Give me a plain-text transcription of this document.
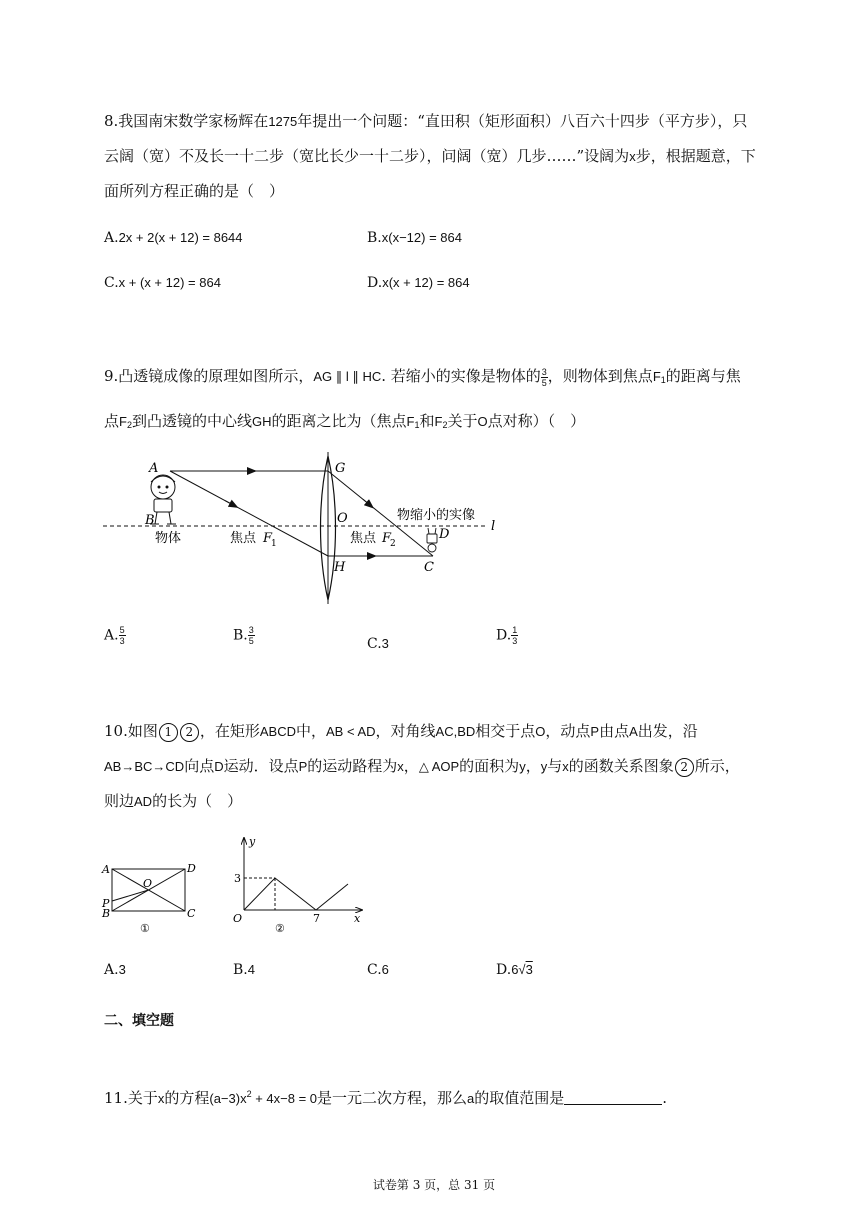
8.我国南宋数学家杨辉在1275年提出一个问题：“直田积（矩形面积）八百六十四步（平方步），只
云阔（宽）不及长一十二步（宽比长少一十二步），问阔（宽）几步……”设阔为x步，根据题意，下
面所列方程正确的是（　）
A.2x + 2(x + 12) = 8644	B.x(x−12) = 864
C.x + (x + 12) = 864	D.x(x + 12) = 864
9.凸透镜成像的原理如图所示，AG ∥ l ∥ HC. 若缩小的实像是物体的 $\frac{3}{5}$ ，则物体到焦点$F_1$的距离与焦
点$F_2$到凸透镜的中心线GH的距离之比为（焦点$F_1$和$F_2$关于O点对称）（　）
A
B
G
O
H	C
D
l
物体	焦点 F
1	焦点 F
2
物缩小的实像
A. $\frac{5}{3}$	B. $\frac{3}{5}$	C.3	D. $\frac{1}{3}$
10.如图 1 2 ，在矩形ABCD中，AB < AD，对角线AC,BD相交于点O，动点P由点A出发，沿
AB→BC→CD向点D运动．设点P的运动路程为x，△ AOP的面积为y，y与x的函数关系图象 2 所示，
则边AD的长为（　）
A
B	C
D
O
P
①
y
x
O
3
7
②
A.3	B.4	C.6	D.6√3
二、填空题
11.关于x的方程$(a-3)x^2 + 4x-8 = 0$是一元二次方程，那么a的取值范围是	.
试卷第 3 页，总 31 页
